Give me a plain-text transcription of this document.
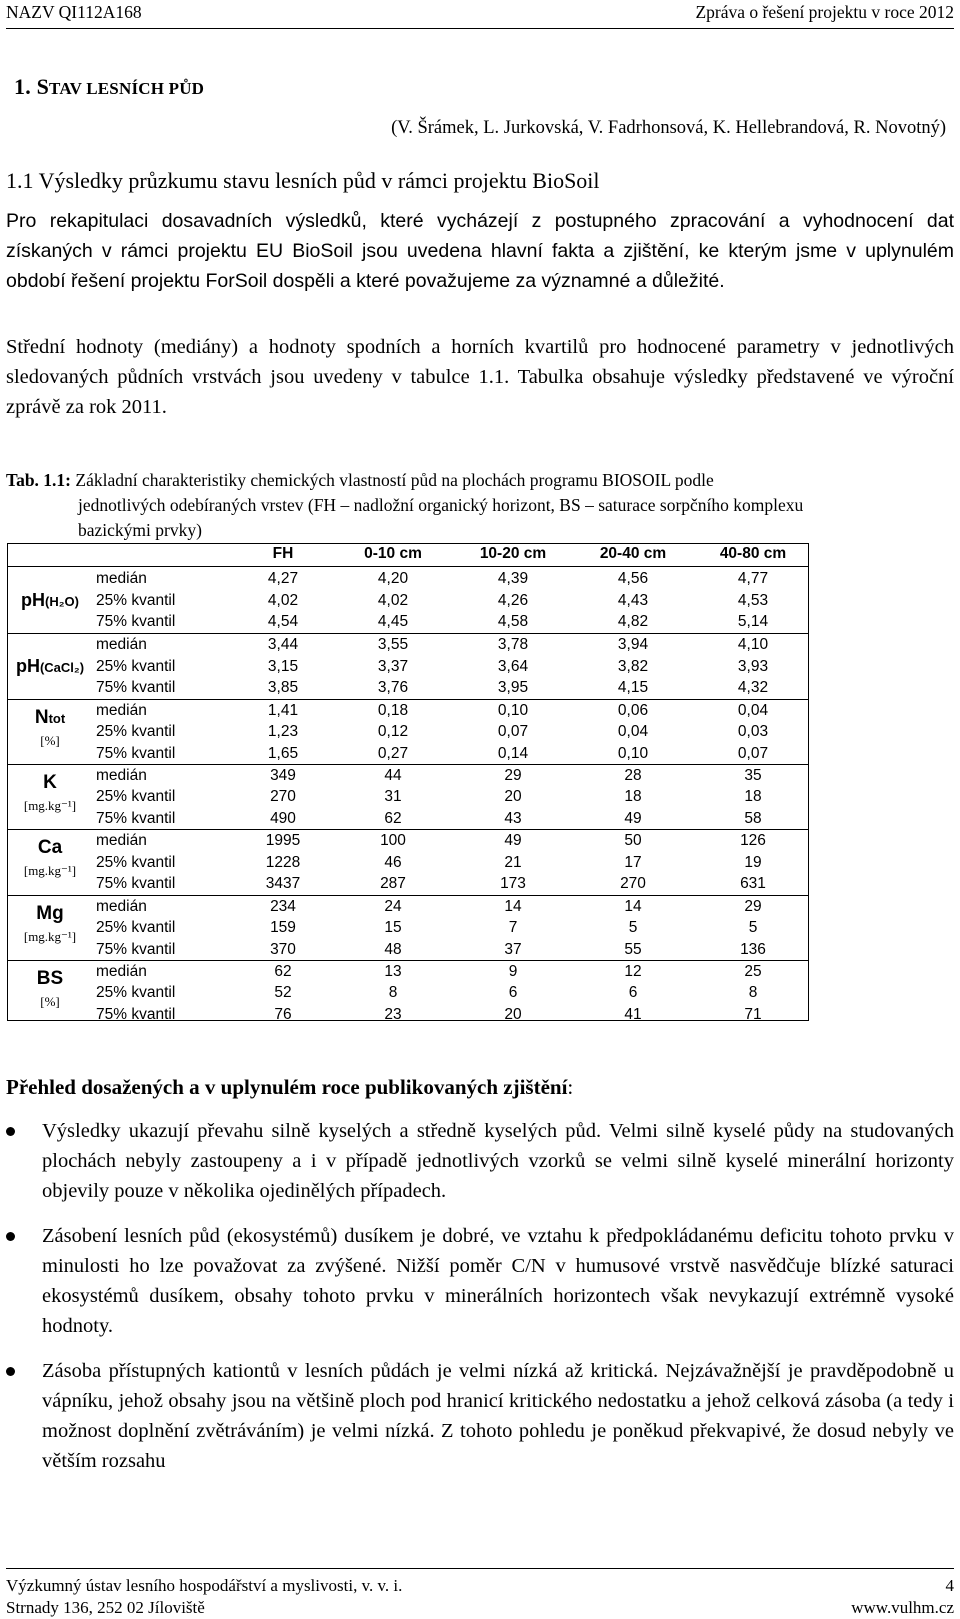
NAZV QI112A168	Zpráva o řešení projektu v roce 2012
1. STAV LESNÍCH PŮD
(V. Šrámek, L. Jurkovská, V. Fadrhonsová, K. Hellebrandová, R. Novotný)
1.1 Výsledky průzkumu stavu lesních půd v rámci projektu BioSoil
Pro rekapitulaci dosavadních výsledků, které vycházejí z postupného zpracování a vyhodnocení dat získaných v rámci projektu EU BioSoil jsou uvedena hlavní fakta a zjištění, ke kterým jsme v uplynulém období řešení projektu ForSoil dospěli a které považujeme za významné a důležité.
Střední hodnoty (mediány) a hodnoty spodních a horních kvartilů pro hodnocené parametry v jednotlivých sledovaných půdních vrstvách jsou uvedeny v tabulce 1.1. Tabulka obsahuje výsledky představené ve výroční zprávě za rok 2011.
Tab. 1.1: Základní charakteristiky chemických vlastností půd na plochách programu BIOSOIL podle
jednotlivých odebíraných vrstev (FH – nadložní organický horizont, BS – saturace sorpčního komplexu
bazickými prvky)
FH	0-10 cm	10-20 cm	20-40 cm	40-80 cm
pH(H₂O)
medián	4,27	4,20	4,39	4,56	4,77
25% kvantil	4,02	4,02	4,26	4,43	4,53
75% kvantil	4,54	4,45	4,58	4,82	5,14
pH(CaCl₂)
medián	3,44	3,55	3,78	3,94	4,10
25% kvantil	3,15	3,37	3,64	3,82	3,93
75% kvantil	3,85	3,76	3,95	4,15	4,32
Ntot
[%]
medián	1,41	0,18	0,10	0,06	0,04
25% kvantil	1,23	0,12	0,07	0,04	0,03
75% kvantil	1,65	0,27	0,14	0,10	0,07
K
[mg.kg⁻¹]
medián	349	44	29	28	35
25% kvantil	270	31	20	18	18
75% kvantil	490	62	43	49	58
Ca
[mg.kg⁻¹]
medián	1995	100	49	50	126
25% kvantil	1228	46	21	17	19
75% kvantil	3437	287	173	270	631
Mg
[mg.kg⁻¹]
medián	234	24	14	14	29
25% kvantil	159	15	7	5	5
75% kvantil	370	48	37	55	136
BS
[%]
medián	62	13	9	12	25
25% kvantil	52	8	6	6	8
75% kvantil	76	23	20	41	71
Přehled dosažených a v uplynulém roce publikovaných zjištění:
Výsledky ukazují převahu silně kyselých a středně kyselých půd. Velmi silně kyselé půdy na studovaných plochách nebyly zastoupeny a i v případě jednotlivých vzorků se velmi silně kyselé minerální horizonty objevily pouze v několika ojedinělých případech.
Zásobení lesních půd (ekosystémů) dusíkem je dobré, ve vztahu k předpokládanému deficitu tohoto prvku v minulosti ho lze považovat za zvýšené. Nižší poměr C/N v humusové vrstvě nasvědčuje blízké saturaci ekosystémů dusíkem, obsahy tohoto prvku v minerálních horizontech však nevykazují extrémně vysoké hodnoty.
Zásoba přístupných kationtů v lesních půdách je velmi nízká až kritická. Nejzávažnější je pravděpodobně u vápníku, jehož obsahy jsou na většině ploch pod hranicí kritického nedostatku a jehož celková zásoba (a tedy i možnost doplnění zvětráváním) je velmi nízká. Z tohoto pohledu je poněkud překvapivé, že dosud nebyly ve větším rozsahu
Výzkumný ústav lesního hospodářství a myslivosti, v. v. i.
Strnady 136, 252 02 Jíloviště
4
www.vulhm.cz
